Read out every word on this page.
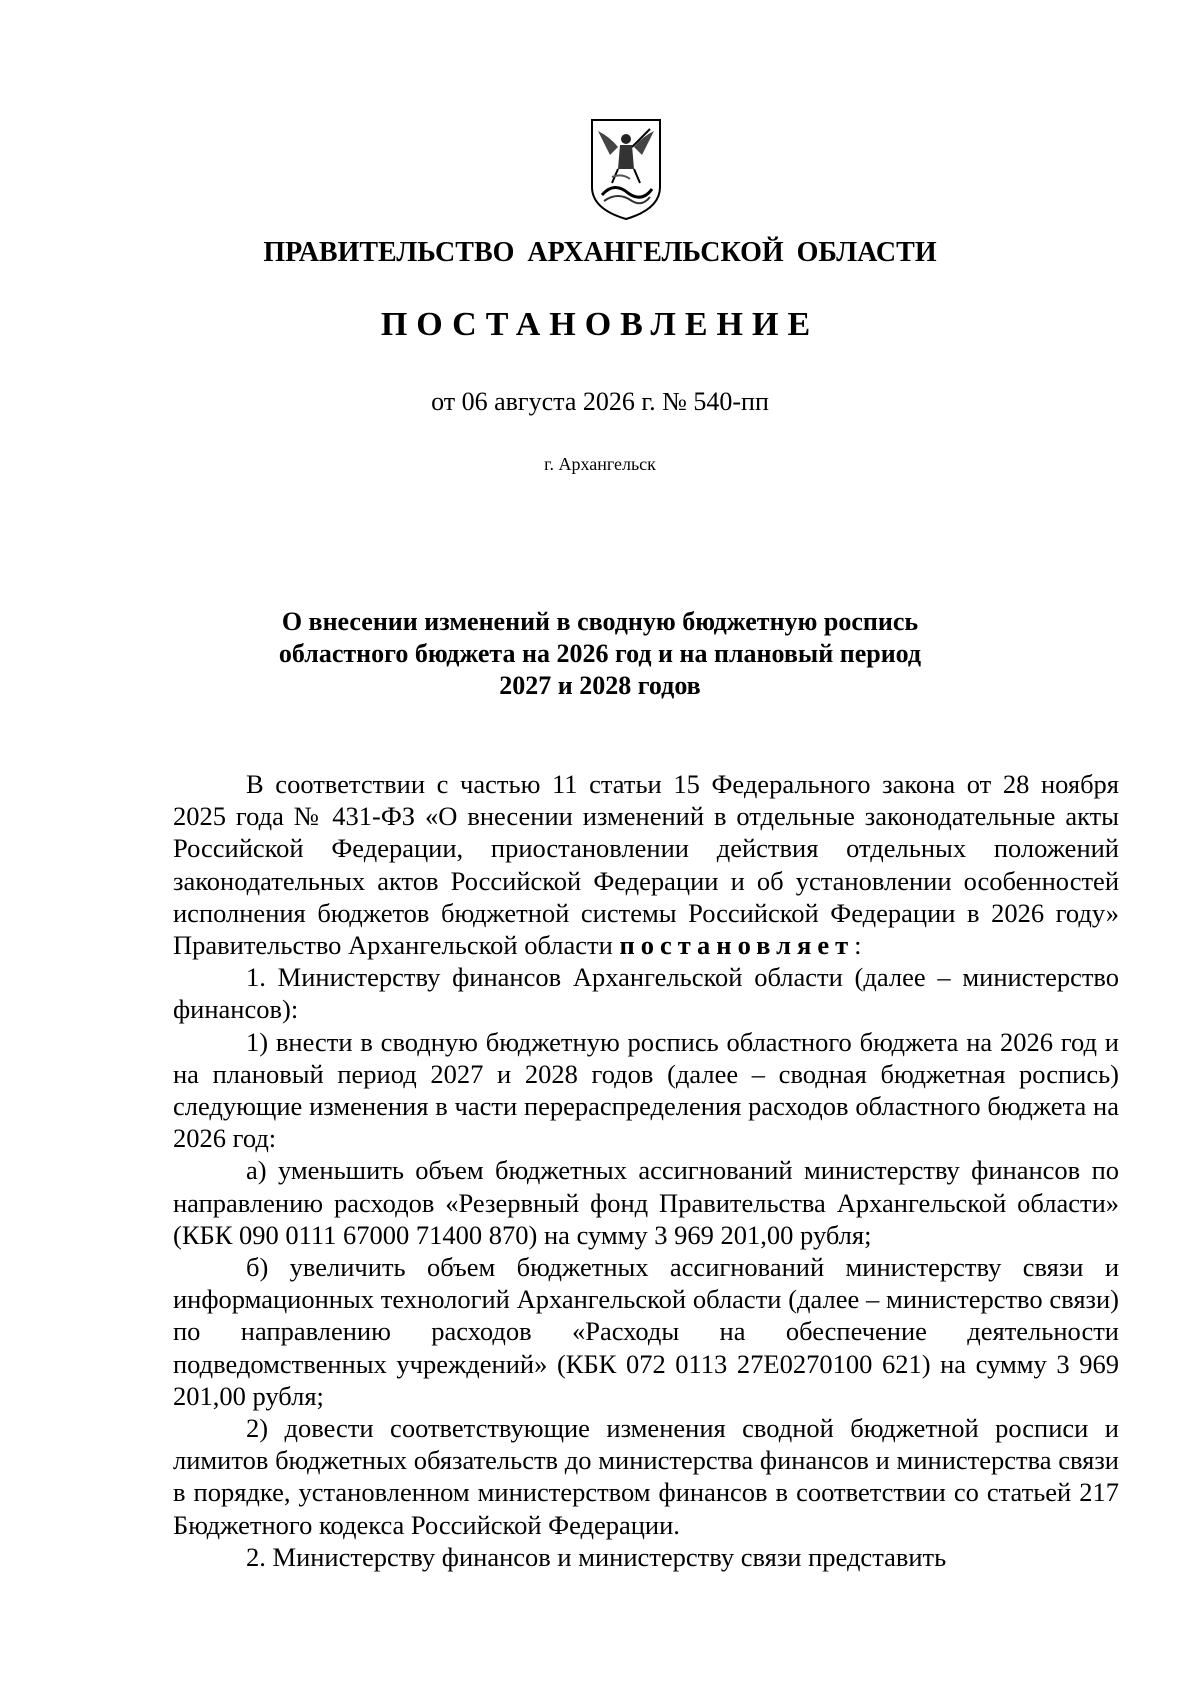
ПРАВИТЕЛЬСТВО АРХАНГЕЛЬСКОЙ ОБЛАСТИ
ПОСТАНОВЛЕНИЕ
от 06 августа 2026 г. № 540-пп
г. Архангельск
О внесении изменений в сводную бюджетную роспись
областного бюджета на 2026 год и на плановый период
2027 и 2028 годов

В соответствии с частью 11 статьи 15 Федерального закона от 28 ноября 2025 года № 431-ФЗ «О внесении изменений в отдельные законодательные акты Российской Федерации, приостановлении действия отдельных положений законодательных актов Российской Федерации и об установлении особенностей исполнения бюджетов бюджетной системы Российской Федерации в 2026 году» Правительство Архангельской области постановляет:

1. Министерству финансов Архангельской области (далее – министерство финансов):

1) внести в сводную бюджетную роспись областного бюджета на 2026 год и на плановый период 2027 и 2028 годов (далее – сводная бюджетная роспись) следующие изменения в части перераспределения расходов областного бюджета на 2026 год:

а) уменьшить объем бюджетных ассигнований министерству финансов по направлению расходов «Резервный фонд Правительства Архангельской области» (КБК 090 0111 67000 71400 870) на сумму 3 969 201,00 рубля;

б) увеличить объем бюджетных ассигнований министерству связи и информационных технологий Архангельской области (далее – министерство связи) по направлению расходов «Расходы на обеспечение деятельности подведомственных учреждений» (КБК 072 0113 27Е0270100 621) на сумму 3 969 201,00 рубля;

2) довести соответствующие изменения сводной бюджетной росписи и лимитов бюджетных обязательств до министерства финансов и министерства связи в порядке, установленном министерством финансов в соответствии со статьей 217 Бюджетного кодекса Российской Федерации.

2. Министерству финансов и министерству связи представить
